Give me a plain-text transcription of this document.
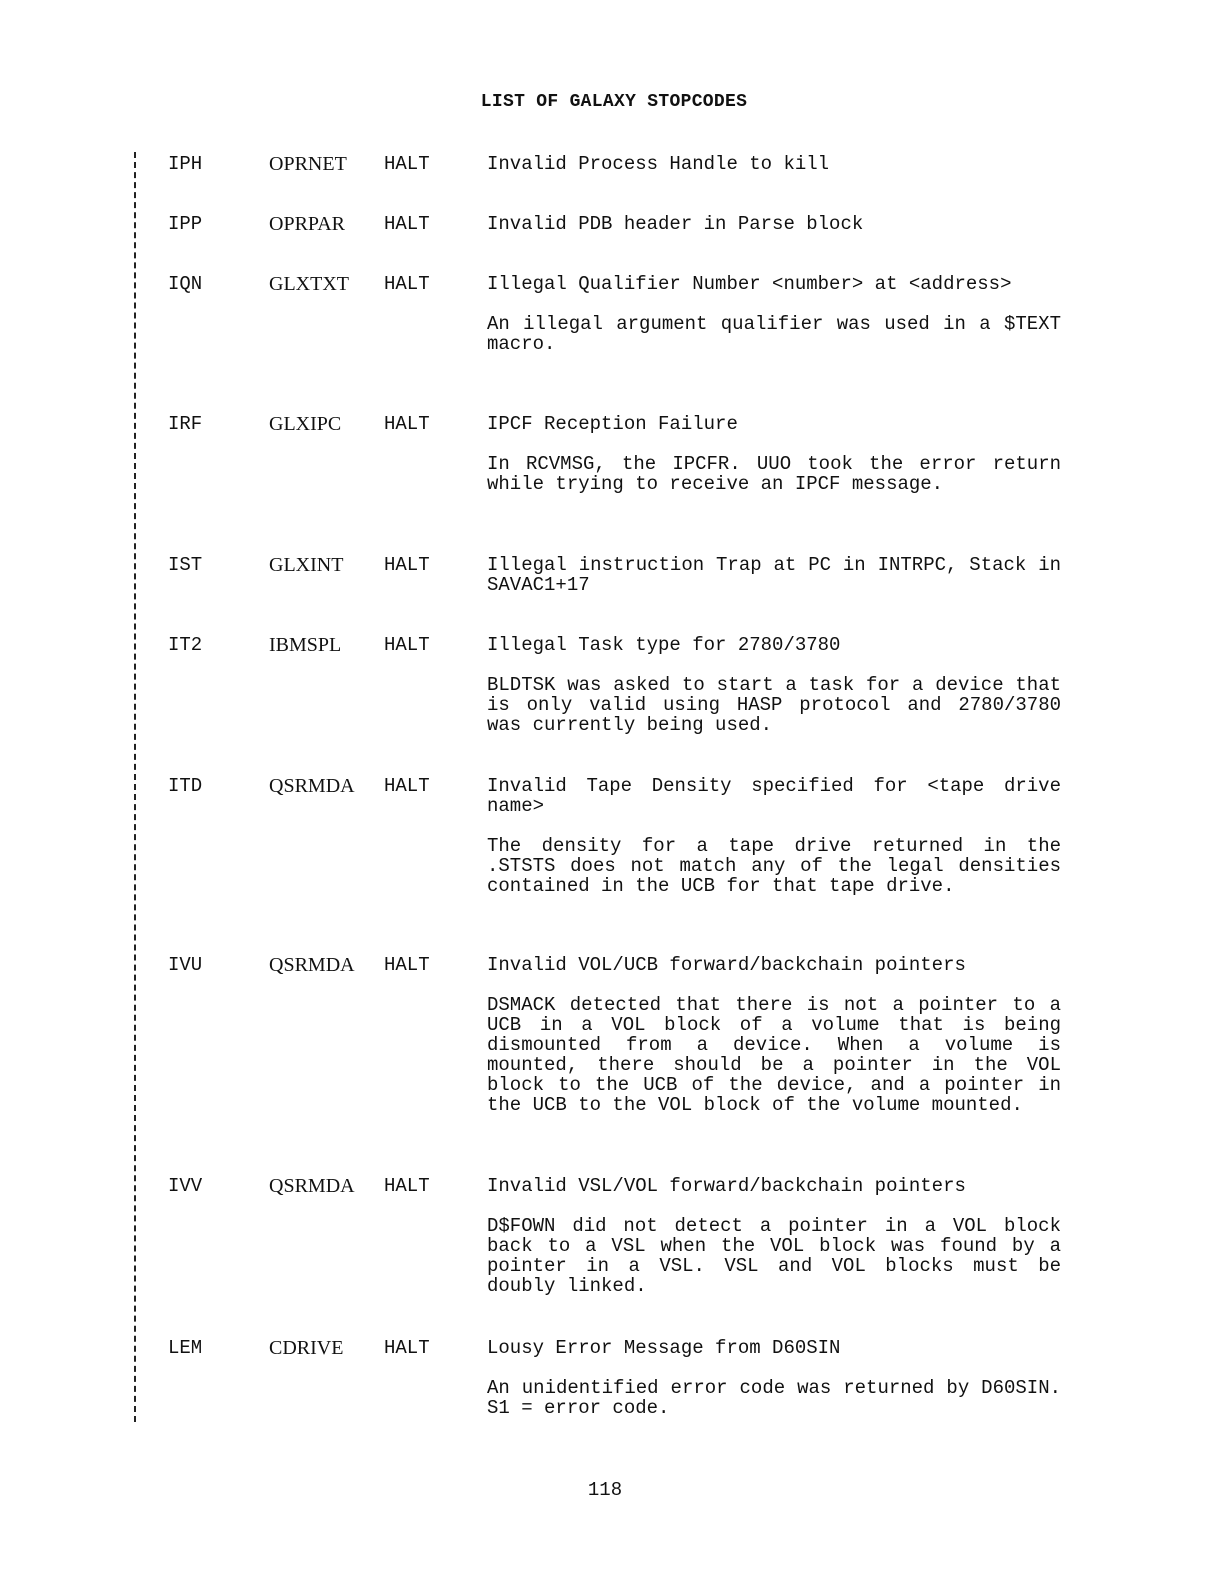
LIST OF GALAXY STOPCODES
IPH	OPRNET HALT	Invalid Process Handle to kill

IPP	OPRPAR HALT	Invalid PDB header in Parse block

IQN	GLXTXT HALT	Illegal Qualifier Number <number> at <address>

An illegal argument qualifier was used in a $TEXT macro.

IRF	GLXIPC HALT	IPCF Reception Failure

In RCVMSG, the IPCFR. UUO took the error return while trying to receive an IPCF message.

IST	GLXINT HALT	Illegal instruction Trap at PC in INTRPC, Stack in SAVAC1+17

IT2	IBMSPL HALT	Illegal Task type for 2780/3780

BLDTSK was asked to start a task for a device that is only valid using HASP protocol and 2780/3780 was currently being used.

ITD	QSRMDA HALT	Invalid Tape Density specified for <tape drive name>

The density for a tape drive returned in the .STSTS does not match any of the legal densities contained in the UCB for that tape drive.

IVU	QSRMDA HALT	Invalid VOL/UCB forward/backchain pointers

DSMACK detected that there is not a pointer to a UCB in a VOL block of a volume that is being dismounted from a device. When a volume is mounted, there should be a pointer in the VOL block to the UCB of the device, and a pointer in the UCB to the VOL block of the volume mounted.

IVV	QSRMDA HALT	Invalid VSL/VOL forward/backchain pointers

D$FOWN did not detect a pointer in a VOL block back to a VSL when the VOL block was found by a pointer in a VSL. VSL and VOL blocks must be doubly linked.

LEM	CDRIVE HALT	Lousy Error Message from D60SIN

An unidentified error code was returned by D60SIN. S1 = error code.

118
